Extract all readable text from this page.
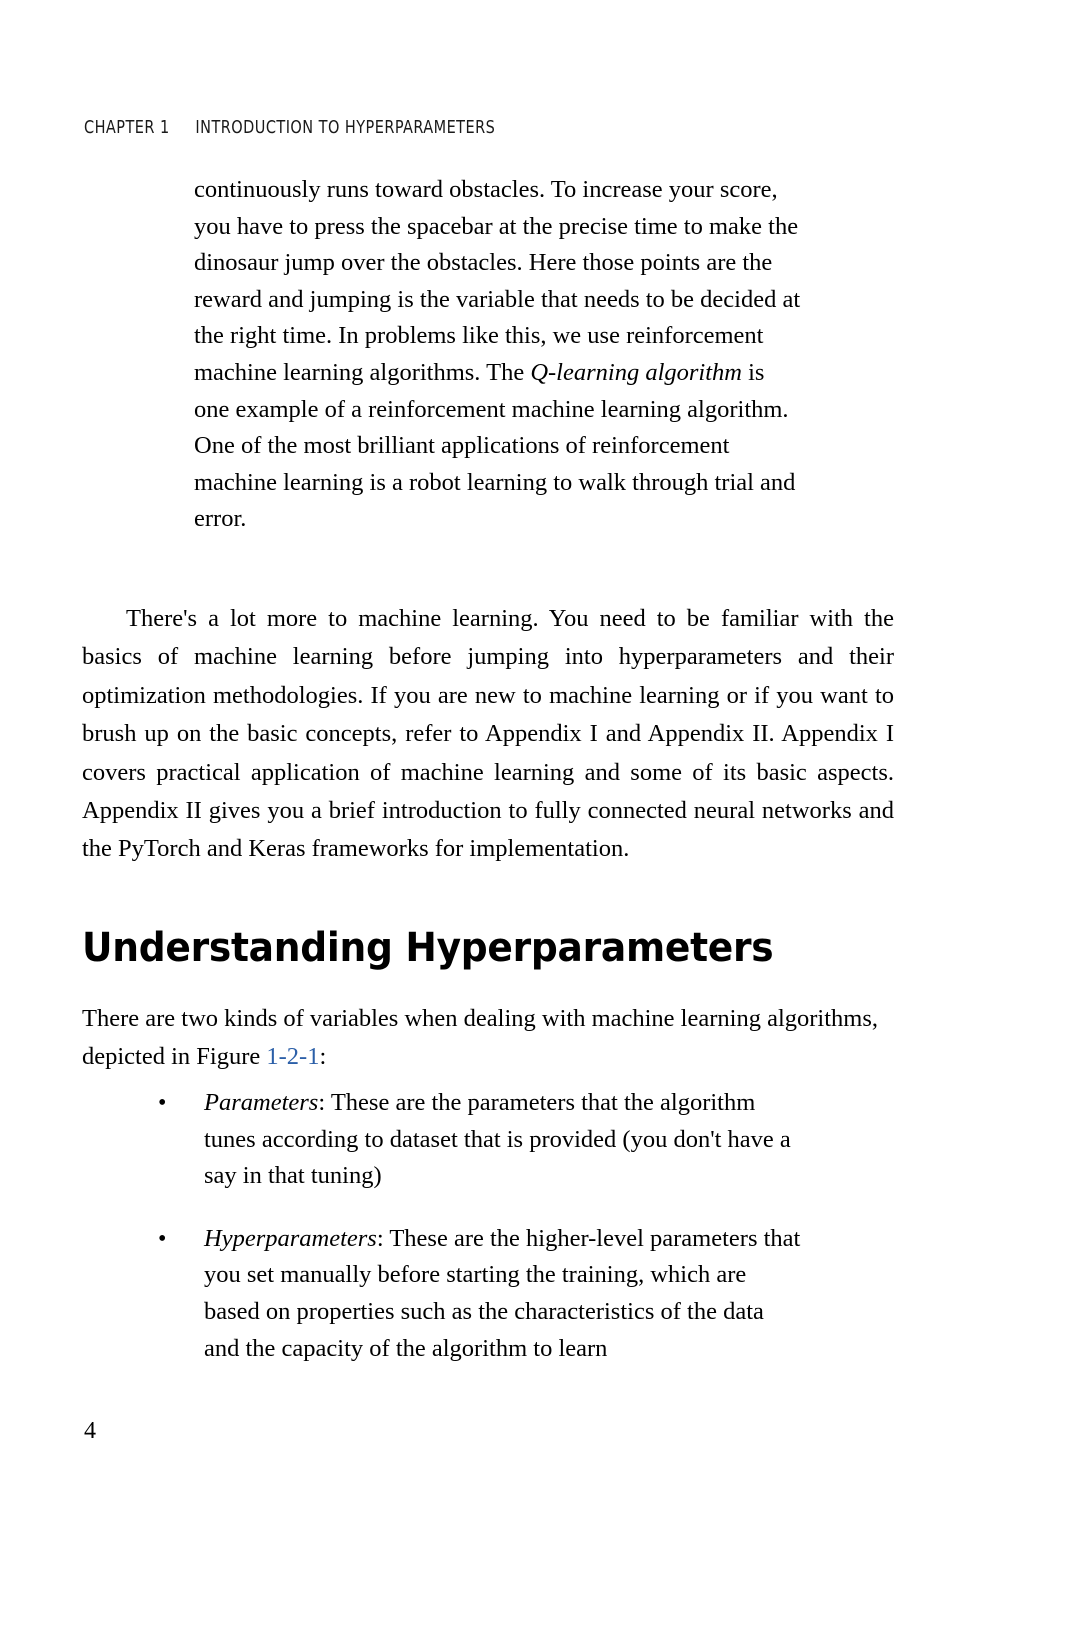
CHAPTER 1 INTRODUCTION TO HYPERPARAMETERS

continuously runs toward obstacles. To increase your score, you have to press the spacebar at the precise time to make the dinosaur jump over the obstacles. Here those points are the reward and jumping is the variable that needs to be decided at the right time. In problems like this, we use reinforcement machine learning algorithms. The Q-learning algorithm is one example of a reinforcement machine learning algorithm. One of the most brilliant applications of reinforcement machine learning is a robot learning to walk through trial and error.

There's a lot more to machine learning. You need to be familiar with the basics of machine learning before jumping into hyperparameters and their optimization methodologies. If you are new to machine learning or if you want to brush up on the basic concepts, refer to Appendix I and Appendix II. Appendix I covers practical application of machine learning and some of its basic aspects. Appendix II gives you a brief introduction to fully connected neural networks and the PyTorch and Keras frameworks for implementation.
Understanding Hyperparameters
There are two kinds of variables when dealing with machine learning algorithms, depicted in Figure 1-2-1:
• Parameters: These are the parameters that the algorithm tunes according to dataset that is provided (you don't have a say in that tuning)
• Hyperparameters: These are the higher-level parameters that you set manually before starting the training, which are based on properties such as the characteristics of the data and the capacity of the algorithm to learn
4
